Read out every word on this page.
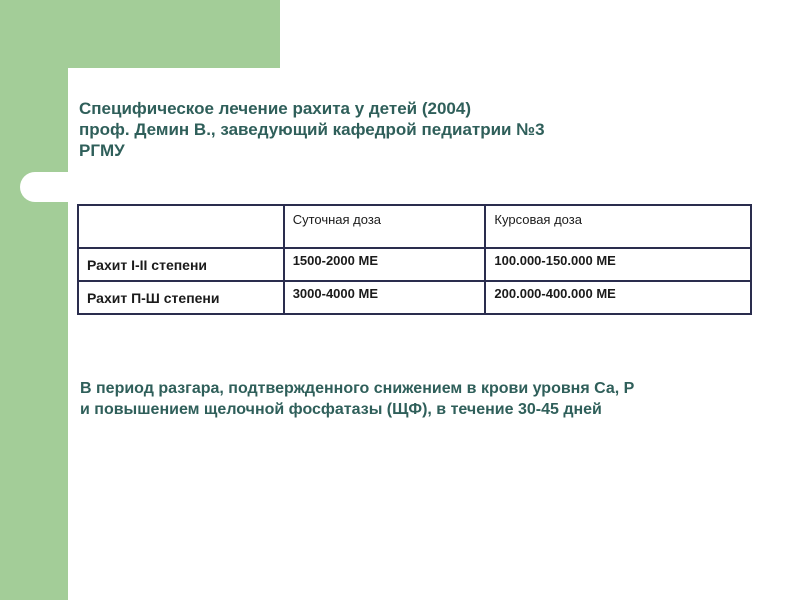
Специфическое лечение рахита у детей (2004)
проф. Демин В., заведующий кафедрой педиатрии №3
РГМУ
	Суточная доза	Курсовая доза
Рахит I-II степени	1500-2000 МЕ	100.000-150.000 МЕ
Рахит П-Ш степени	3000-4000 МЕ	200.000-400.000 МЕ
В период разгара, подтвержденного снижением в крови уровня Са, Р
и повышением щелочной фосфатазы (ЩФ), в течение 30-45 дней
